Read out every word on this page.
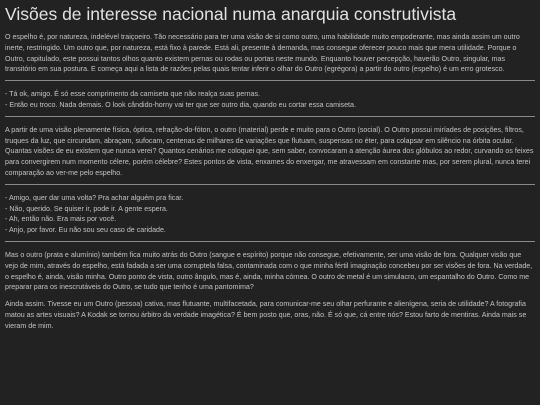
Visões de interesse nacional numa anarquia construtivista

O espelho é, por natureza, indelével traiçoeiro. Tão necessário para ter uma visão de si como outro, uma habilidade muito empoderante, mas ainda assim um outro inerte, restringido. Um outro que, por natureza, está fixo à parede. Está ali, presente à demanda, mas consegue oferecer pouco mais que mera utilidade. Porque o Outro, capitulado, este possui tantos olhos quanto existem pernas ou rodas ou portas neste mundo. Enquanto houver percepção, haverão Outro, singular, mas transitório em sua postura. E começa aqui a lista de razões pelas quais tentar inferir o olhar do Outro (egrégora) a partir do outro (espelho) é um erro grotesco.

- Tá ok, amigo. É só esse comprimento da camiseta que não realça suas pernas.

- Então eu troco. Nada demais. O look cândido-horny vai ter que ser outro dia, quando eu cortar essa camiseta.

A partir de uma visão plenamente física, óptica, refração-do-fóton, o outro (material) perde e muito para o Outro (social). O Outro possui miríades de posições, filtros, truques da luz, que circundam, abraçam, sufocam, centenas de milhares de variações que flutuam, suspensas no éter, para colapsar em silêncio na órbita ocular. Quantas visões de eu existem que nunca verei? Quantos cenários me coloquei que, sem saber, convocaram a atenção áurea dos glóbulos ao redor, curvando os feixes para convergirem num momento célere, porém célebre? Estes pontos de vista, enxames do enxergar, me atravessam em constante mas, por serem plural, nunca terei comparação ao ver-me pelo espelho.

- Amigo, quer dar uma volta? Pra achar alguém pra ficar.

- Não, querido. Se quiser ir, pode ir. A gente espera.

- Ah, então não. Era mais por você.

- Anjo, por favor. Eu não sou seu caso de caridade.

Mas o outro (prata e alumínio) também fica muito atrás do Outro (sangue e espírito) porque não consegue, efetivamente, ser uma visão de fora. Qualquer visão que vejo de mim, através do espelho, está fadada a ser uma corruptela falsa, contaminada com o que minha fértil imaginação concebeu por ser visões de fora. Na verdade, o espelho é, ainda, visão minha. Outro ponto de vista, outro ângulo, mas é, ainda, minha córnea. O outro de metal é um simulacro, um espantalho do Outro. Como me preparar para os inescrutáveis do Outro, se tudo que tenho é uma pantomima?

Ainda assim. Tivesse eu um Outro (pessoa) cativa, mas flutuante, multifacetada, para comunicar-me seu olhar perfurante e alienígena, seria de utilidade? A fotografia matou as artes visuais? A Kodak se tornou árbitro da verdade imagética? É bem posto que, oras, não. É só que, cá entre nós? Estou farto de mentiras. Ainda mais se vieram de mim.
